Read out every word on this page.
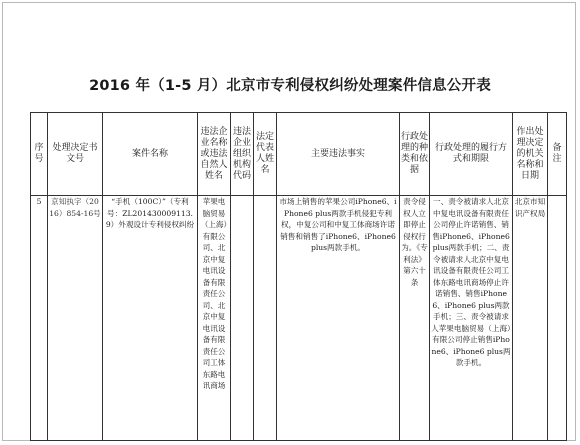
2016 年（1-5 月）北京市专利侵权纠纷处理案件信息公开表
序号	处理决定书文号	案件名称	违法企业名称或违法自然人姓名	违法企业组织机构代码	法定代表人姓名	主要违法事实	行政处理的种类和依据	行政处理的履行方式和期限	作出处理决定的机关名称和日期	备注
5	京知执字（2016）854-16号	“手机（100C）”（专利号：ZL201430009113.9）外观设计专利侵权纠纷	苹果电脑贸易（上海）有限公司、北京中复电讯设备有限责任公司、北京中复电讯设备有限责任公司工体东路电讯商场			市场上销售的苹果公司iPhone6、iPhone6 plus两款手机侵犯专利权，中复公司和中复工体商场许诺销售和销售了iPhone6、iPhone6 plus两款手机。	责令侵权人立即停止侵权行为。《专利法》第六十条	一、责令被请求人北京中复电讯设备有限责任公司停止许诺销售、销售iPhone6、iPhone6 plus两款手机；二、责令被请求人北京中复电讯设备有限责任公司工体东路电讯商场停止许诺销售、销售iPhone6、iPhone6 plus两款手机；三、责令被请求人苹果电脑贸易（上海）有限公司停止销售iPhone6、iPhone6 plus两款手机。	北京市知识产权局	
